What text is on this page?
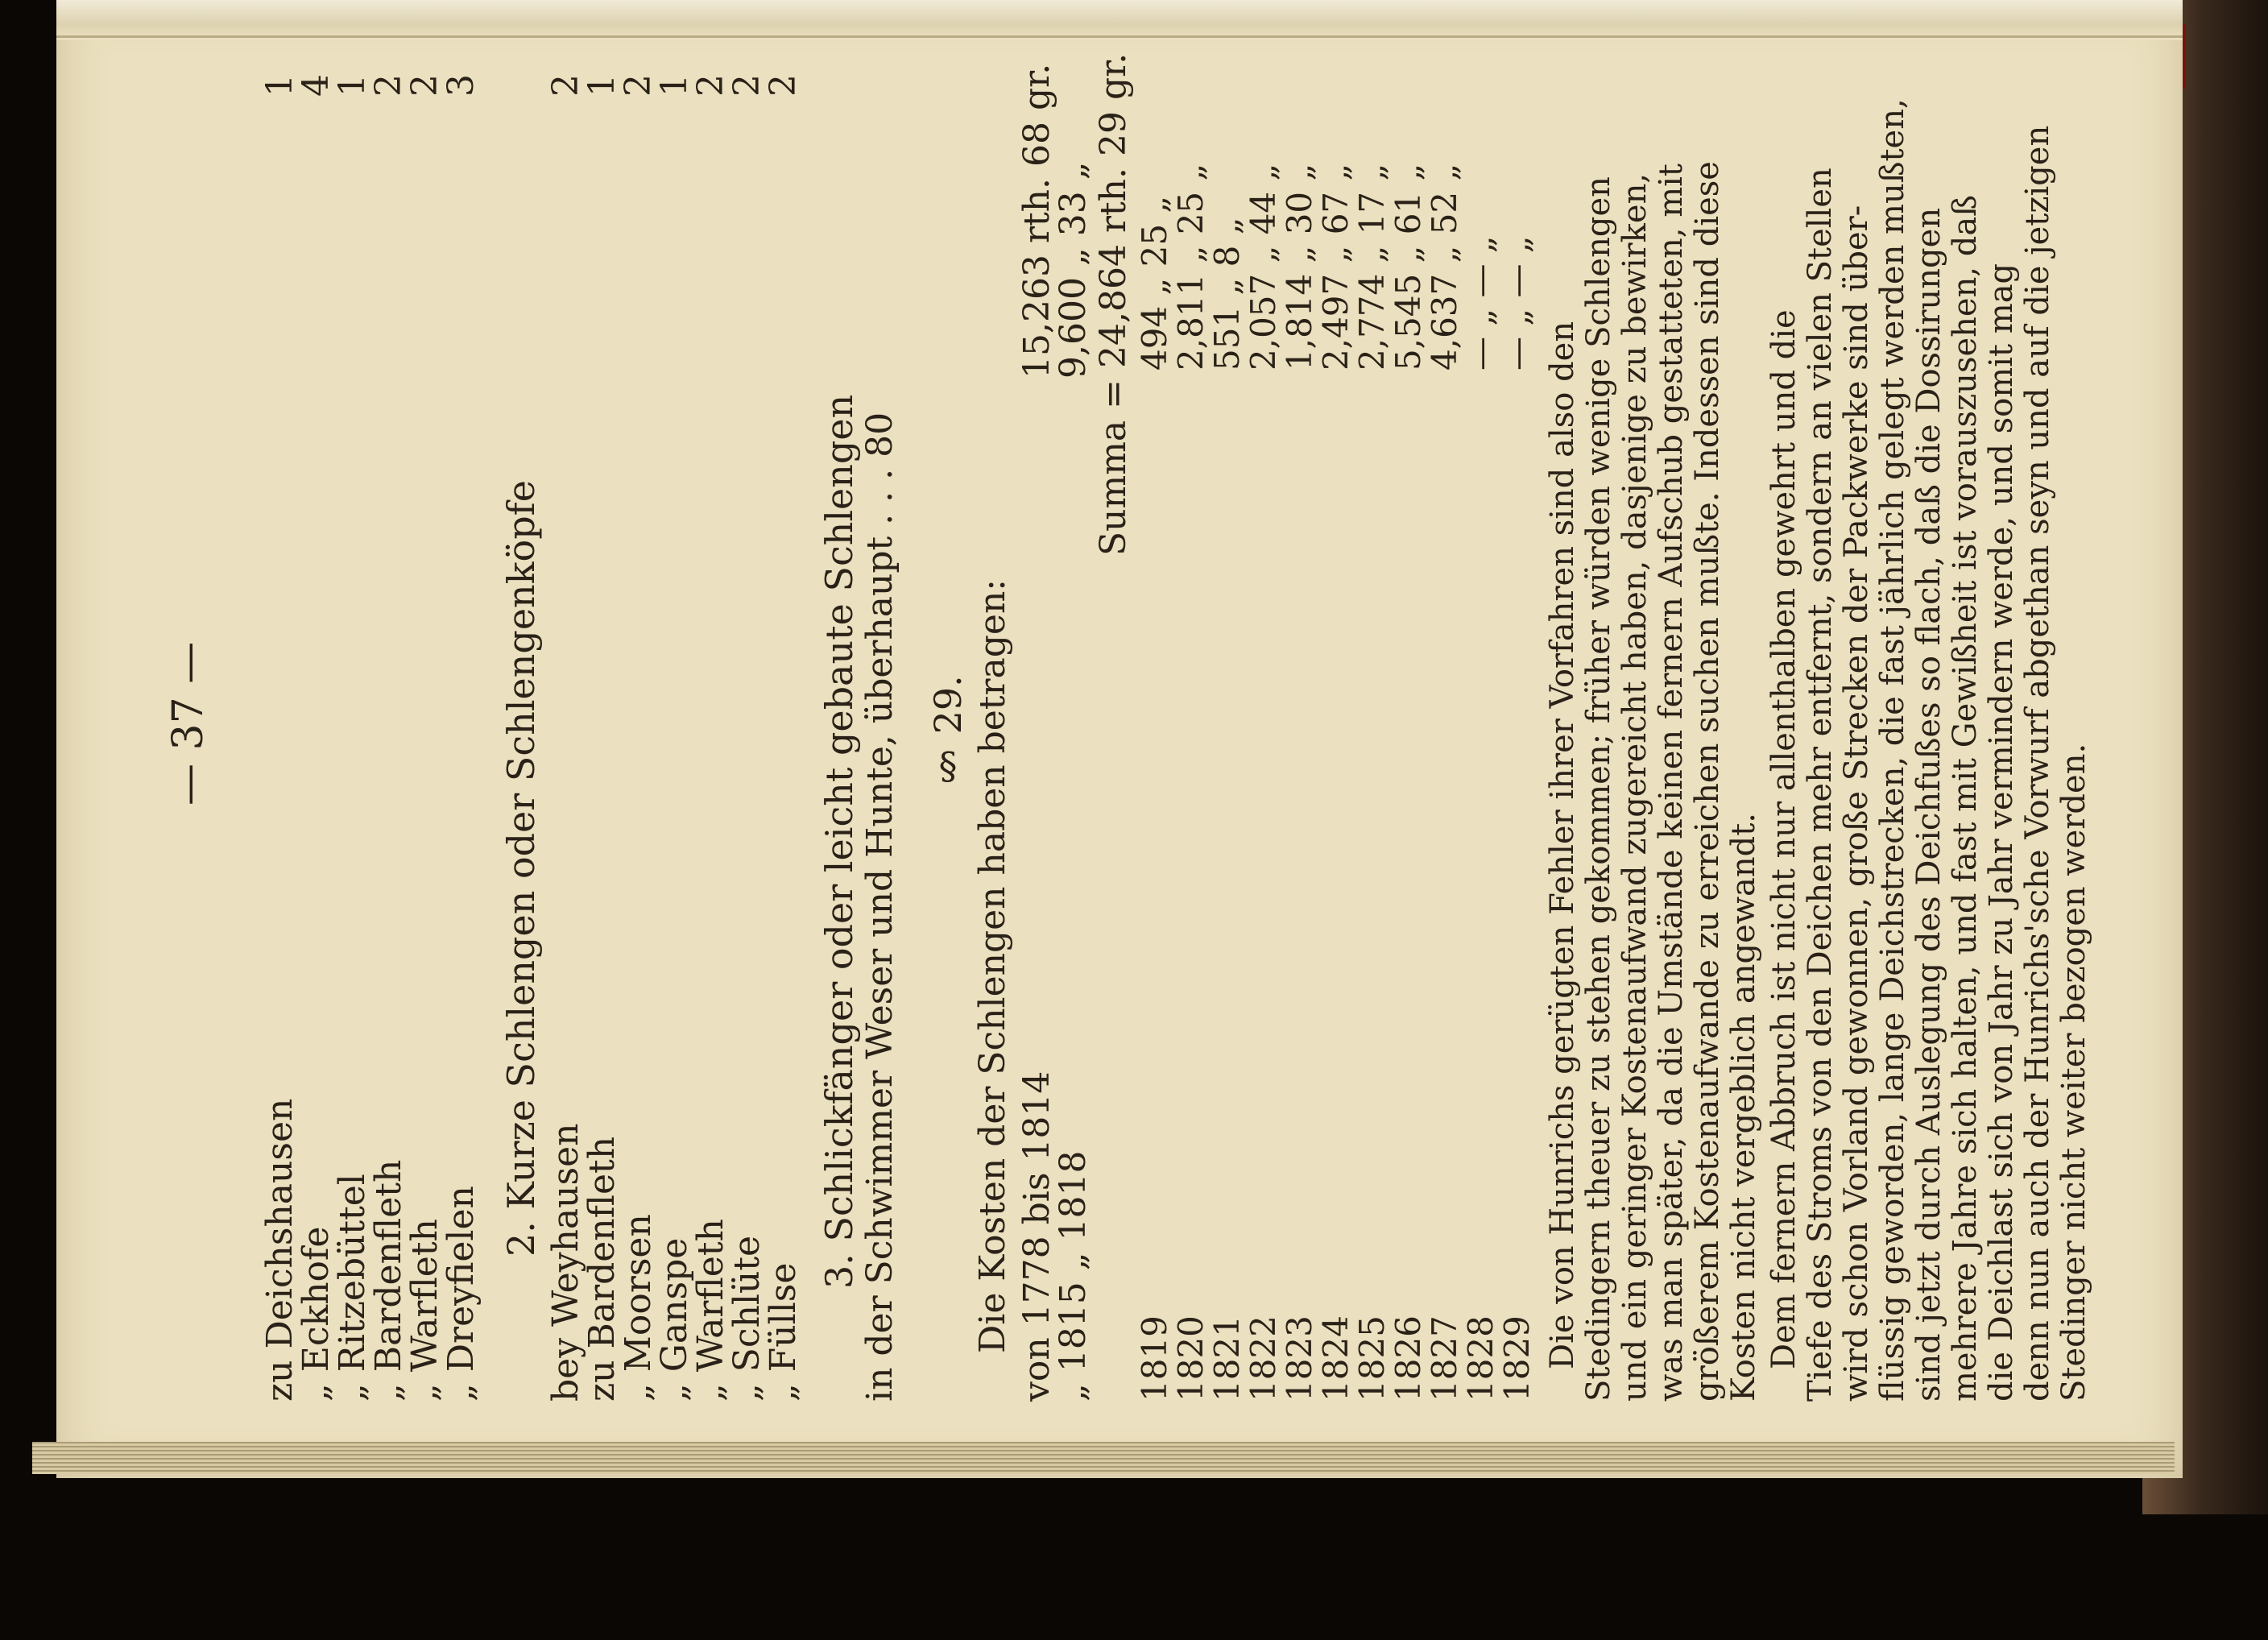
— 37 —
zu Deichshausen
1
„ Eckhofe
4
„ Ritzebüttel
1
„ Bardenfleth
2
„ Warfleth
2
„ Dreyfielen
3
2. Kurze Schlengen oder Schlengenköpfe
bey Weyhausen
2
zu Bardenfleth
1
„ Moorsen
2
„ Ganspe
1
„ Warfleth
2
„ Schlüte
2
„ Füllse
2
3. Schlickfänger oder leicht gebaute Schlengen
in der Schwimmer Weser und Hunte, überhaupt . . . 80 § 29. Die Kosten der Schlengen haben betragen: von 1778 bis 1814
15,263 rth. 68 gr.
„ 1815 „ 1818
9,600 „ 33 „ Summa = 24,864 rth. 29 gr.
1819
494 „ 25 „
1820
2,811 „ 25 „
1821
551 „ 8 „
1822
2,057 „ 44 „
1823
1,814 „ 30 „
1824
2,497 „ 67 „
1825
2,774 „ 17 „
1826
5,545 „ 61 „
1827
4,637 „ 52 „
1828
— „ — „
1829
— „ — „
Die von Hunrichs gerügten Fehler ihrer Vorfahren sind also den Stedingern theuer zu stehen gekommen; früher würden wenige Schlengen und ein geringer Kostenaufwand zugereicht haben, dasjenige zu bewirken, was man später, da die Umstände keinen fernern Aufschub gestatteten, mit größerem Kostenaufwande zu erreichen suchen mußte. Indessen sind diese Kosten nicht vergeblich angewandt. Dem fernern Abbruch ist nicht nur allenthalben gewehrt und die Tiefe des Stroms von den Deichen mehr entfernt, sondern an vielen Stellen wird schon Vorland gewonnen, große Strecken der Packwerke sind über- flüssig geworden, lange Deichstrecken, die fast jährlich gelegt werden mußten, sind jetzt durch Auslegung des Deichfußes so flach, daß die Dossirungen mehrere Jahre sich halten, und fast mit Gewißheit ist vorauszusehen, daß die Deichlast sich von Jahr zu Jahr vermindern werde, und somit mag denn nun auch der Hunrichs'sche Vorwurf abgethan seyn und auf die jetzigen Stedinger nicht weiter bezogen werden.
